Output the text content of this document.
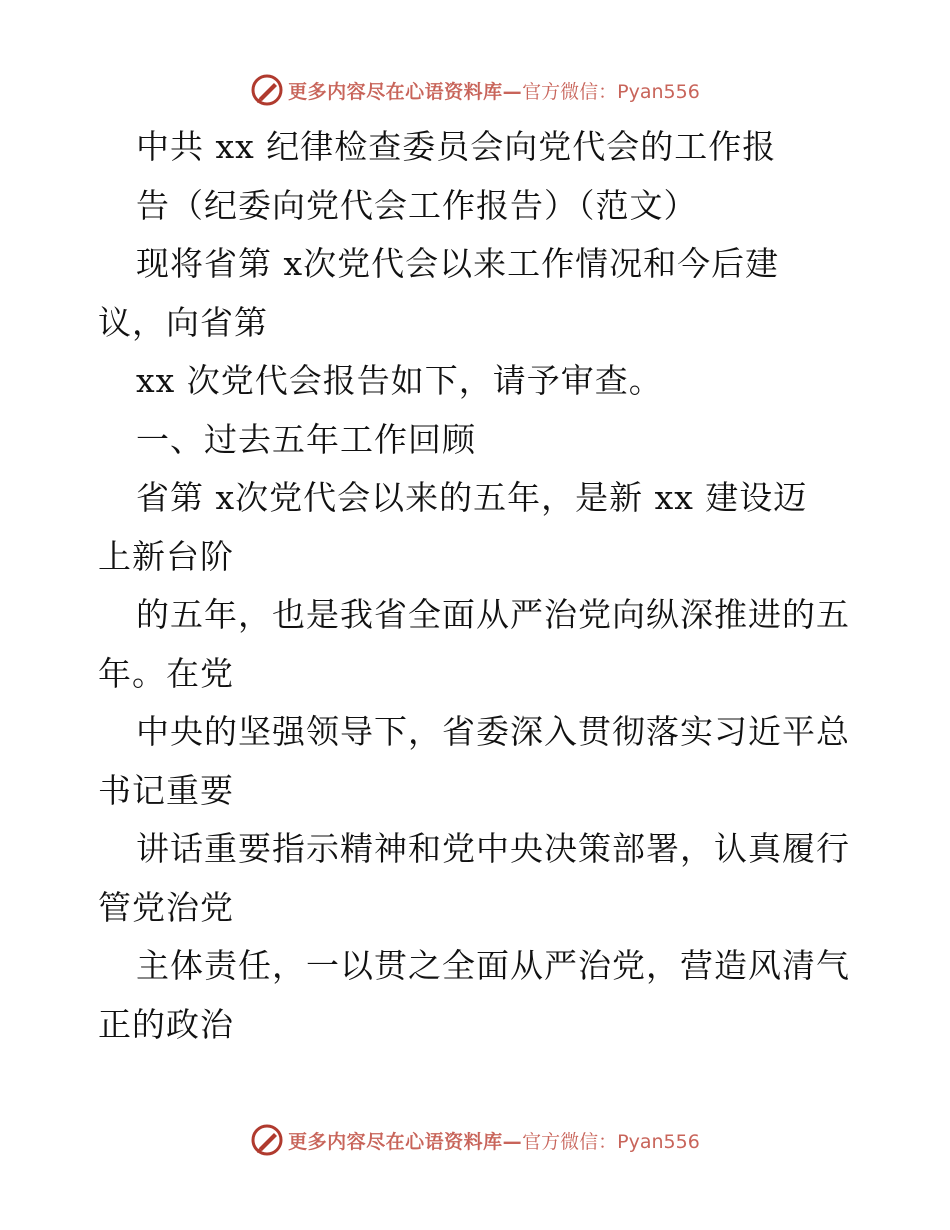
更多内容尽在心语资料库— 官方微信：Pyan556
中共 xx 纪律检查委员会向党代会的工作报
告（纪委向党代会工作报告）（范文）
现将省第 x次党代会以来工作情况和今后建
议，向省第
xx 次党代会报告如下，请予审查。
一、过去五年工作回顾
省第 x次党代会以来的五年，是新 xx 建设迈
上新台阶
的五年，也是我省全面从严治党向纵深推进的五
年。在党
中央的坚强领导下，省委深入贯彻落实习近平总
书记重要
讲话重要指示精神和党中央决策部署，认真履行
管党治党
主体责任，一以贯之全面从严治党，营造风清气
正的政治
更多内容尽在心语资料库— 官方微信：Pyan556
